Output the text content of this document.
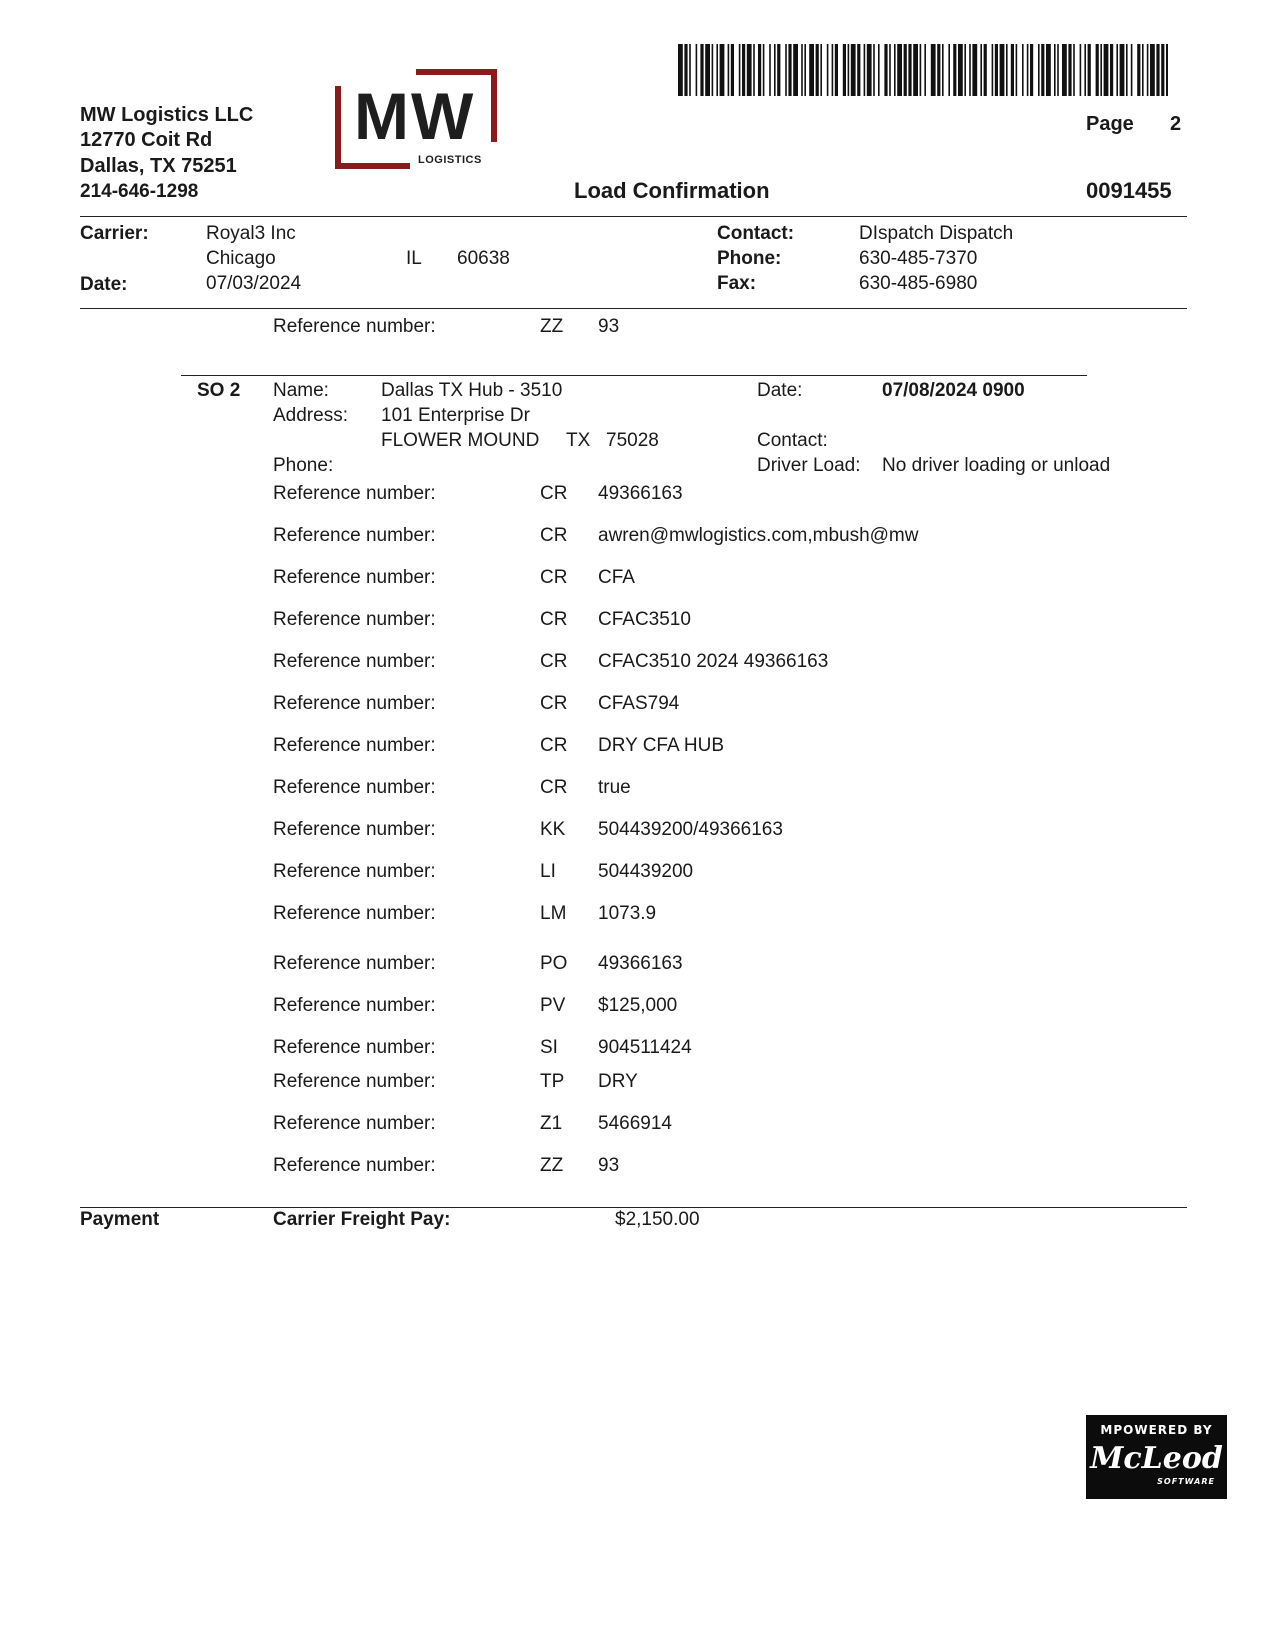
MW Logistics LLC
12770 Coit Rd
Dallas, TX 75251
214-646-1298
MW
LOGISTICS
Page 2
Load Confirmation	0091455
Carrier:	Royal3 Inc
Chicago	IL 60638
Date:	07/03/2024
Contact:	DIspatch Dispatch
Phone:	630-485-7370
Fax:	630-485-6980
Reference number:	ZZ 93
SO 2 Name:	Dallas TX Hub - 3510
Address: 101 Enterprise Dr
FLOWER MOUND TX 75028
Phone:
Date:	07/08/2024 0900
Contact:
Driver Load: No driver loading or unload
Reference number:	CR 49366163
Reference number:	CR awren@mwlogistics.com,mbush@mw
Reference number:	CR CFA
Reference number:	CR CFAC3510
Reference number:	CR CFAC3510 2024 49366163
Reference number:	CR CFAS794
Reference number:	CR DRY CFA HUB
Reference number:	CR true
Reference number:	KK 504439200/49366163
Reference number:	LI 504439200
Reference number:	LM 1073.9
Reference number:	PO 49366163
Reference number:	PV $125,000
Reference number:	SI 904511424
Reference number:	TP DRY
Reference number:	Z1 5466914
Reference number:	ZZ 93
Payment	Carrier Freight Pay:	$2,150.00
MPOWERED BY
McLeod
SOFTWARE
